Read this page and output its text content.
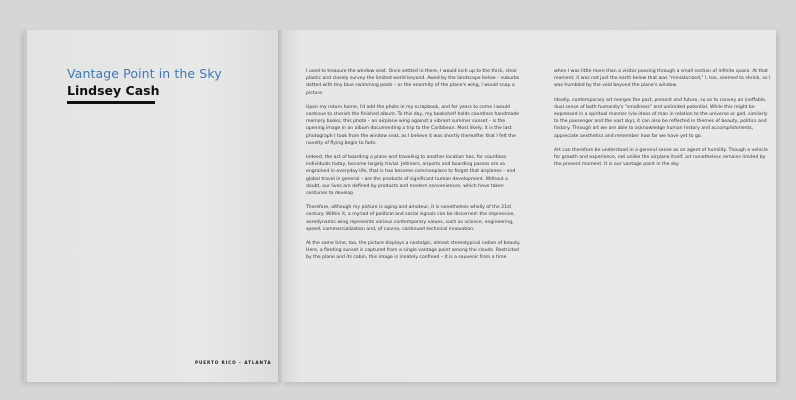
Vantage Point in the Sky
Lindsey Cash
PUERTO RICO – ATLANTA

I used to treasure the window seat. Once settled in there, I would inch up to the thick, clear plastic and closely survey the limited world beyond. Awed by the landscape below – suburbs dotted with tiny blue swimming pools – or the enormity of the plane's wing, I would snap a picture.

Upon my return home, I'd add the photo in my scrapbook, and for years to come I would continue to cherish the finished album. To this day, my bookshelf holds countless handmade memory books; this photo – an airplane wing against a vibrant summer sunset – is the opening image in an album documenting a trip to the Caribbean. Most likely, it is the last photograph I took from the window seat, as I believe it was shortly thereafter that I felt the novelty of flying begin to fade.

Indeed, the act of boarding a plane and traveling to another location has, for countless individuals today, become largely trivial. Jetliners, airports and boarding passes are so engrained in everyday life, that is has become commonplace to forget that airplanes – and global travel in general – are the products of significant human development. Without a doubt, our lives are defined by products and modern conveniences, which have taken centuries to develop.

Therefore, although my picture is aging and amateur, it is nonetheless wholly of the 21st century. Within it, a myriad of political and social signals can be discerned: the impressive, aerodynamic wing represents various contemporary values, such as science, engineering, speed, commercialization and, of course, continued technical innovation.

At the same time, too, the picture displays a nostalgic, almost stereotypical notion of beauty. Here, a fleeting sunset is captured from a single vantage point among the clouds. Restricted by the plane and its cabin, this image is innately confined – it is a souvenir from a time

when I was little more than a visitor passing through a small section of infinite space. At that moment, it was not just the earth below that was "miniaturized," I, too, seemed to shrink, as I was humbled by the void beyond the plane's window.

Ideally, contemporary art merges the past, present and future, so as to convey an ineffable, dual sense of both humanity's "smallness" and unlimited potential. While this might be expressed in a spiritual manner (via ideas of man in relation to the universe or god, similarly to the passenger and the vast sky), it can also be reflected in themes of beauty, politics and history. Through art we are able to acknowledge human history and accomplishments, appreciate aesthetics and remember how far we have yet to go.

Art can therefore be understood in a general sense as an agent of humility. Though a vehicle for growth and experience, not unlike the airplane itself, art nonetheless remains limited by the present moment. It is our vantage point in the sky.
